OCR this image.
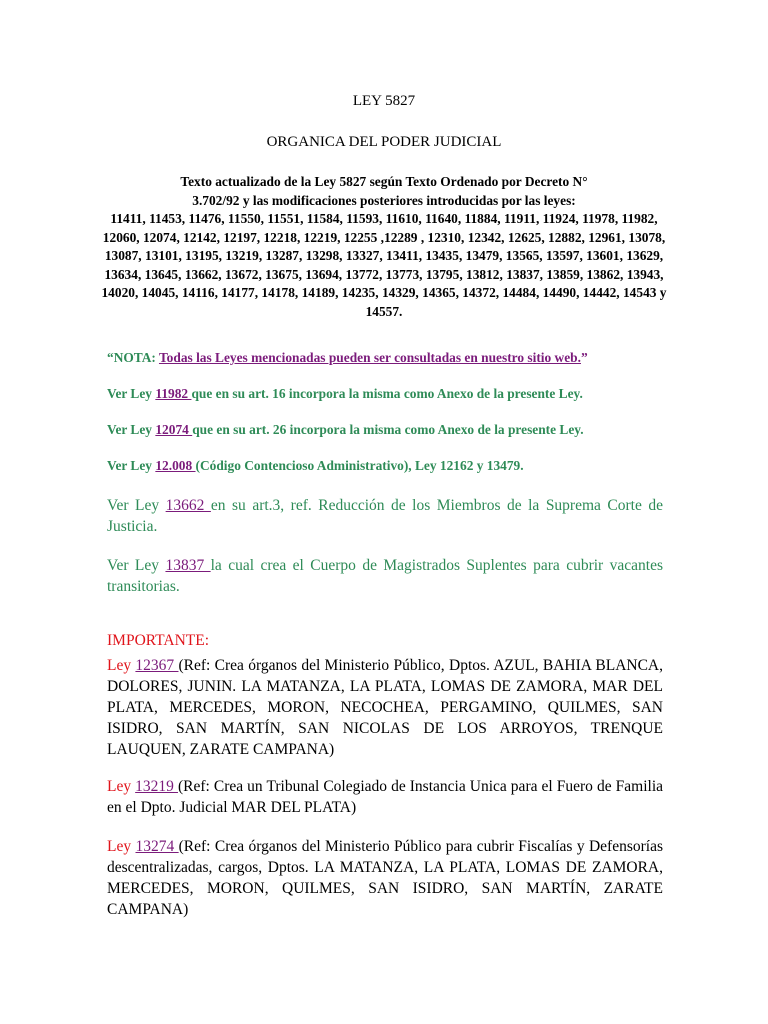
LEY 5827
ORGANICA DEL PODER JUDICIAL
Texto actualizado de la Ley 5827 según Texto Ordenado por Decreto N°
3.702/92 y las modificaciones posteriores introducidas por las leyes:
11411, 11453, 11476, 11550, 11551, 11584, 11593, 11610, 11640, 11884, 11911, 11924, 11978, 11982, 12060, 12074, 12142, 12197, 12218, 12219, 12255 ,12289 , 12310, 12342, 12625, 12882, 12961, 13078, 13087, 13101, 13195, 13219, 13287, 13298, 13327, 13411, 13435, 13479, 13565, 13597, 13601, 13629, 13634, 13645, 13662, 13672, 13675, 13694, 13772, 13773, 13795, 13812, 13837, 13859, 13862, 13943, 14020, 14045, 14116, 14177, 14178, 14189, 14235, 14329, 14365, 14372, 14484, 14490, 14442, 14543 y 14557.
“NOTA: Todas las Leyes mencionadas pueden ser consultadas en nuestro sitio web.”
Ver Ley 11982 que en su art. 16 incorpora la misma como Anexo de la presente Ley.
Ver Ley 12074 que en su art. 26 incorpora la misma como Anexo de la presente Ley.
Ver Ley 12.008 (Código Contencioso Administrativo), Ley 12162 y 13479.
Ver Ley 13662 en su art.3, ref. Reducción de los Miembros de la Suprema Corte de Justicia.
Ver Ley 13837 la cual crea el Cuerpo de Magistrados Suplentes para cubrir vacantes transitorias.
IMPORTANTE:
Ley 12367 (Ref: Crea órganos del Ministerio Público, Dptos. AZUL, BAHIA BLANCA, DOLORES, JUNIN. LA MATANZA, LA PLATA, LOMAS DE ZAMORA, MAR DEL PLATA, MERCEDES, MORON, NECOCHEA, PERGAMINO, QUILMES, SAN ISIDRO, SAN MARTÍN, SAN NICOLAS DE LOS ARROYOS, TRENQUE LAUQUEN, ZARATE CAMPANA)
Ley 13219 (Ref: Crea un Tribunal Colegiado de Instancia Unica para el Fuero de Familia en el Dpto. Judicial MAR DEL PLATA)
Ley 13274 (Ref: Crea órganos del Ministerio Público para cubrir Fiscalías y Defensorías descentralizadas, cargos, Dptos. LA MATANZA, LA PLATA, LOMAS DE ZAMORA, MERCEDES, MORON, QUILMES, SAN ISIDRO, SAN MARTÍN, ZARATE CAMPANA)
